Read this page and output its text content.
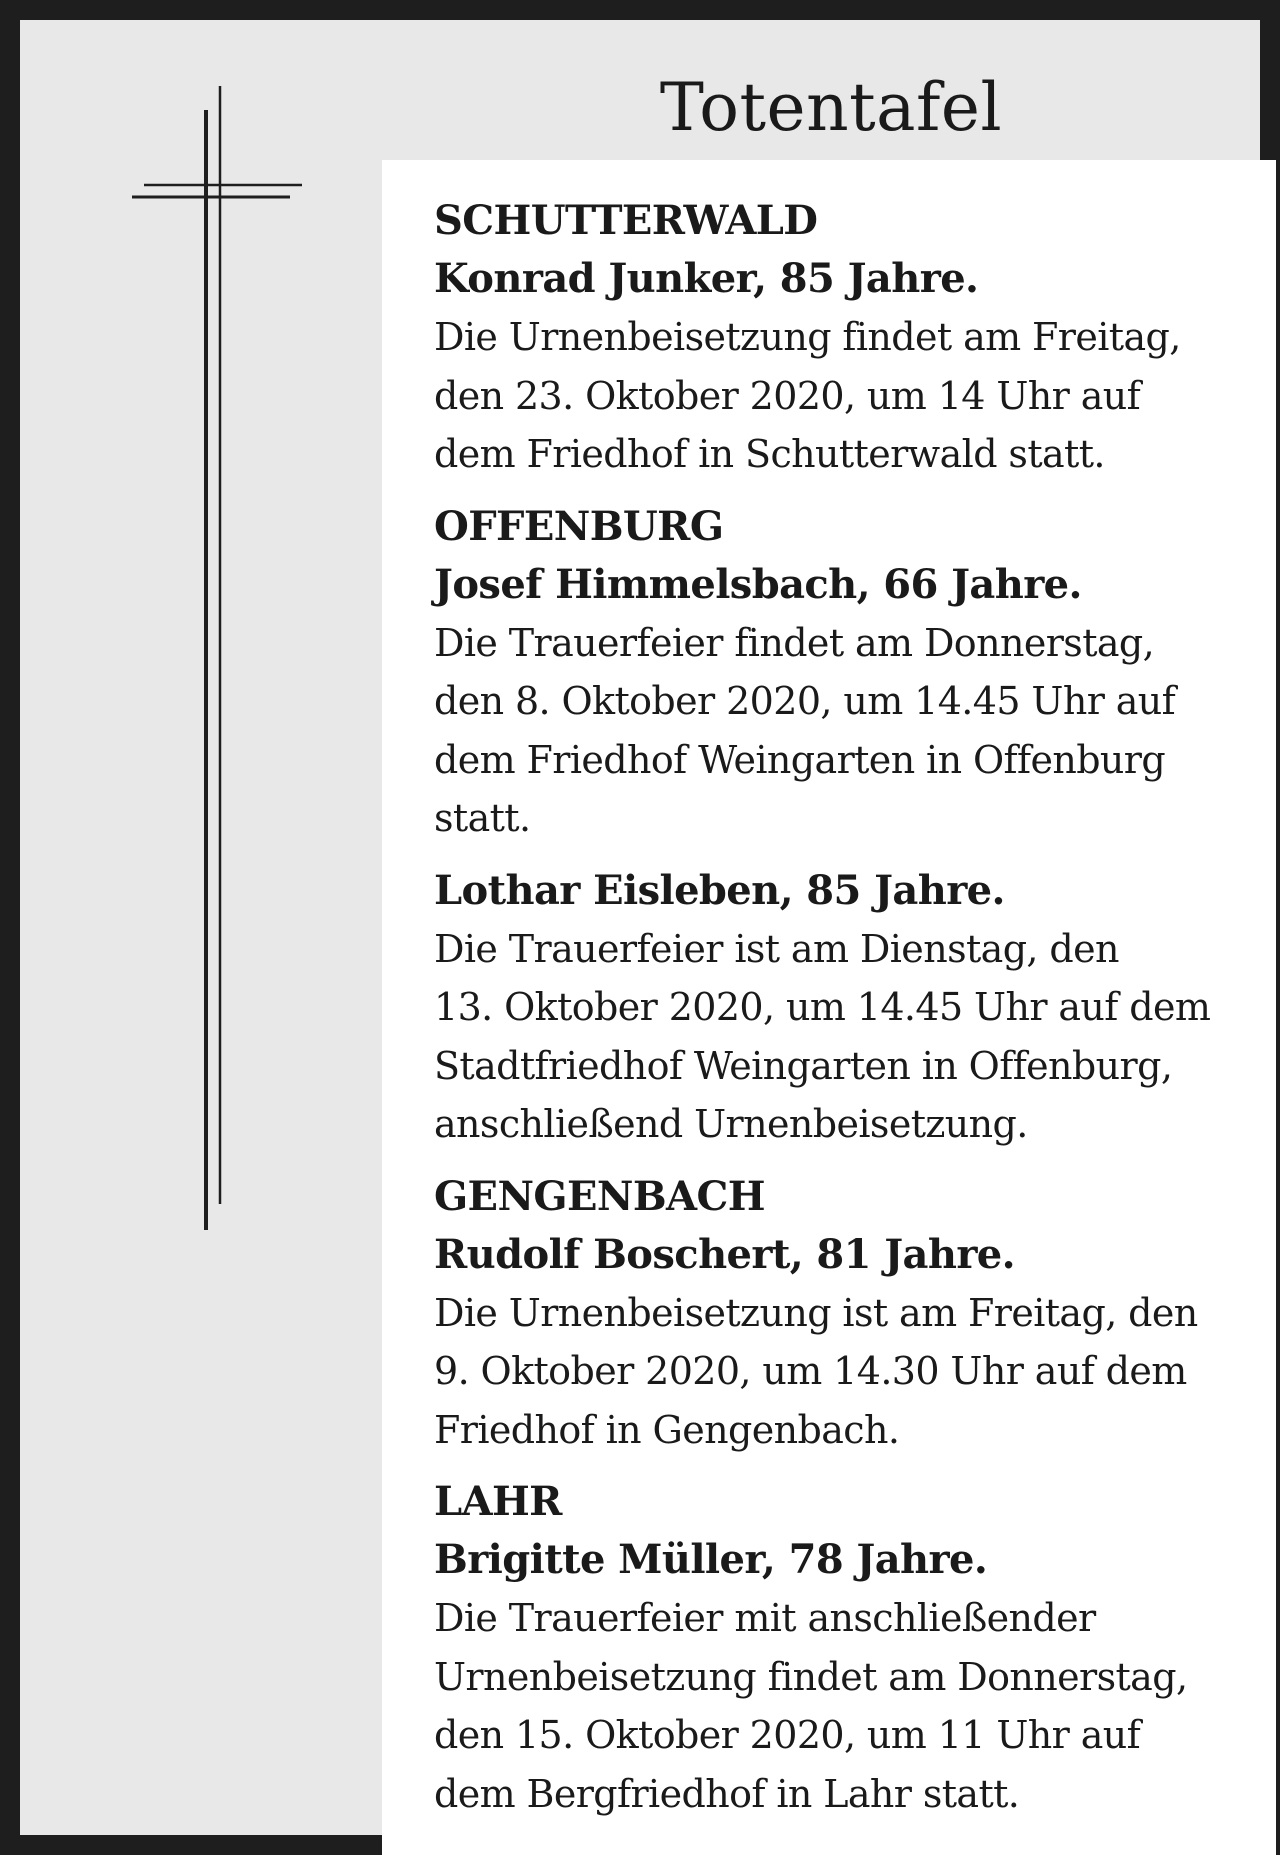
Totentafel
SCHUTTERWALD
Konrad Junker, 85 Jahre.
Die Urnenbeisetzung findet am Freitag,
den 23. Oktober 2020, um 14 Uhr auf
dem Friedhof in Schutterwald statt.
OFFENBURG
Josef Himmelsbach, 66 Jahre.
Die Trauerfeier findet am Donnerstag,
den 8. Oktober 2020, um 14.45 Uhr auf
dem Friedhof Weingarten in Offenburg
statt.
Lothar Eisleben, 85 Jahre.
Die Trauerfeier ist am Dienstag, den
13. Oktober 2020, um 14.45 Uhr auf dem
Stadtfriedhof Weingarten in Offenburg,
anschließend Urnenbeisetzung.
GENGENBACH
Rudolf Boschert, 81 Jahre.
Die Urnenbeisetzung ist am Freitag, den
9. Oktober 2020, um 14.30 Uhr auf dem
Friedhof in Gengenbach.
LAHR
Brigitte Müller, 78 Jahre.
Die Trauerfeier mit anschließender
Urnenbeisetzung findet am Donnerstag,
den 15. Oktober 2020, um 11 Uhr auf
dem Bergfriedhof in Lahr statt.
